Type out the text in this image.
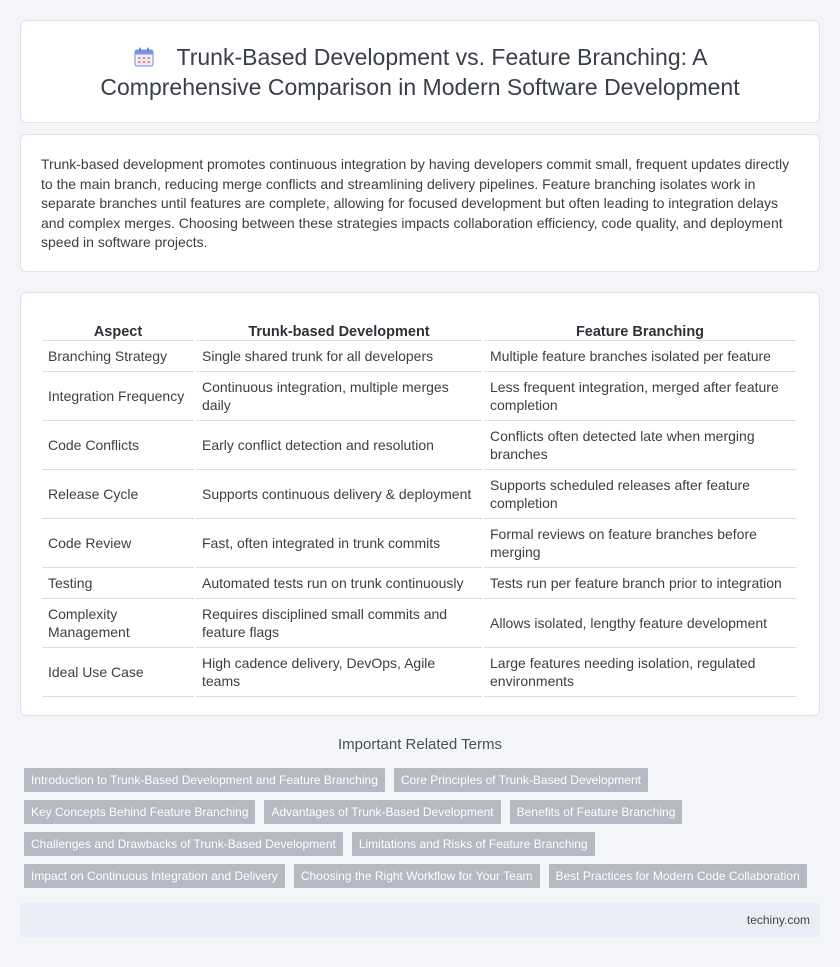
Trunk-Based Development vs. Feature Branching: A Comprehensive Comparison in Modern Software Development

Trunk-based development promotes continuous integration by having developers commit small, frequent updates directly to the main branch, reducing merge conflicts and streamlining delivery pipelines. Feature branching isolates work in separate branches until features are complete, allowing for focused development but often leading to integration delays and complex merges. Choosing between these strategies impacts collaboration efficiency, code quality, and deployment speed in software projects.

Aspect	Trunk-based Development	Feature Branching
Branching Strategy	Single shared trunk for all developers	Multiple feature branches isolated per feature
Integration Frequency	Continuous integration, multiple merges daily	Less frequent integration, merged after feature completion
Code Conflicts	Early conflict detection and resolution	Conflicts often detected late when merging branches
Release Cycle	Supports continuous delivery & deployment	Supports scheduled releases after feature completion
Code Review	Fast, often integrated in trunk commits	Formal reviews on feature branches before merging
Testing	Automated tests run on trunk continuously	Tests run per feature branch prior to integration
Complexity Management	Requires disciplined small commits and feature flags	Allows isolated, lengthy feature development
Ideal Use Case	High cadence delivery, DevOps, Agile teams	Large features needing isolation, regulated environments
Important Related Terms
Introduction to Trunk-Based Development and Feature Branching	Core Principles of Trunk-Based Development
Key Concepts Behind Feature Branching	Advantages of Trunk-Based Development	Benefits of Feature Branching
Challenges and Drawbacks of Trunk-Based Development	Limitations and Risks of Feature Branching
Impact on Continuous Integration and Delivery	Choosing the Right Workflow for Your Team	Best Practices for Modern Code Collaboration
techiny.com
